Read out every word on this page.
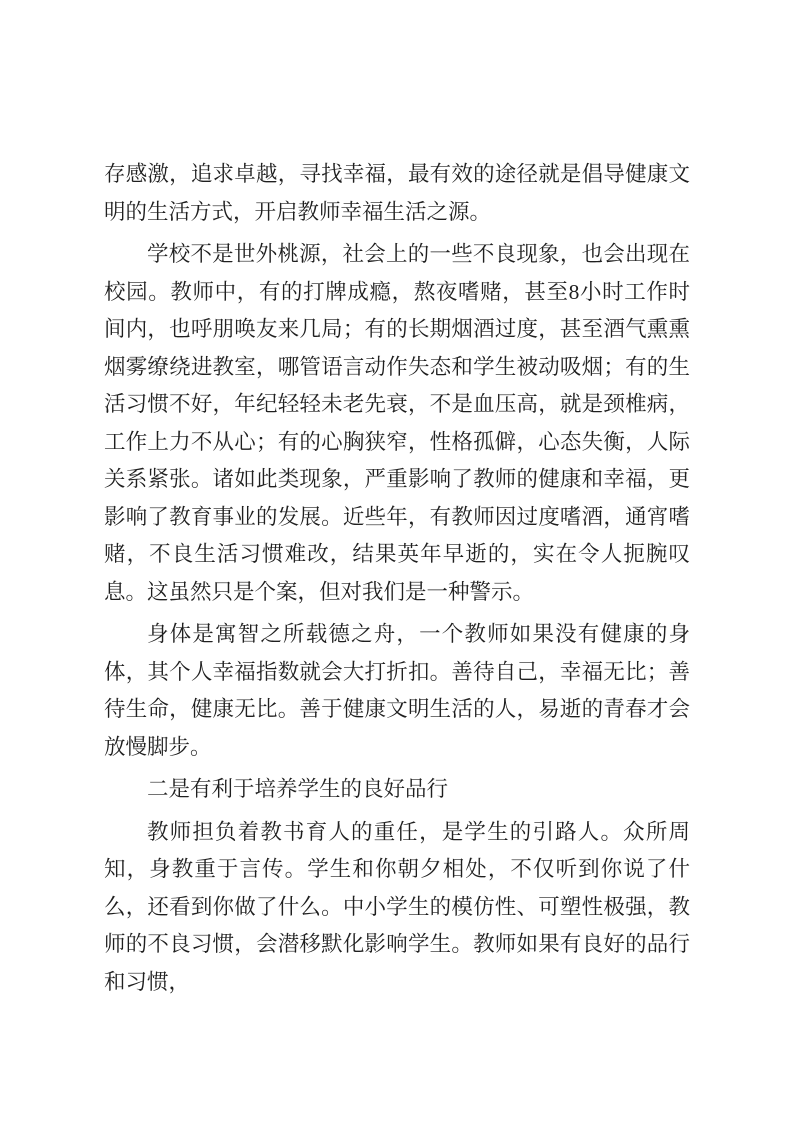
存感激，追求卓越，寻找幸福，最有效的途径就是倡导健康文明的生活方式，开启教师幸福生活之源。

学校不是世外桃源，社会上的一些不良现象，也会出现在校园。教师中，有的打牌成瘾，熬夜嗜赌，甚至8小时工作时间内，也呼朋唤友来几局；有的长期烟酒过度，甚至酒气熏熏烟雾缭绕进教室，哪管语言动作失态和学生被动吸烟；有的生活习惯不好，年纪轻轻未老先衰，不是血压高，就是颈椎病，工作上力不从心；有的心胸狭窄，性格孤僻，心态失衡，人际关系紧张。诸如此类现象，严重影响了教师的健康和幸福，更影响了教育事业的发展。近些年，有教师因过度嗜酒，通宵嗜赌，不良生活习惯难改，结果英年早逝的，实在令人扼腕叹息。这虽然只是个案，但对我们是一种警示。

身体是寓智之所载德之舟，一个教师如果没有健康的身体，其个人幸福指数就会大打折扣。善待自己，幸福无比；善待生命，健康无比。善于健康文明生活的人，易逝的青春才会放慢脚步。

二是有利于培养学生的良好品行

教师担负着教书育人的重任，是学生的引路人。众所周知，身教重于言传。学生和你朝夕相处，不仅听到你说了什么，还看到你做了什么。中小学生的模仿性、可塑性极强，教师的不良习惯，会潜移默化影响学生。教师如果有良好的品行和习惯，
